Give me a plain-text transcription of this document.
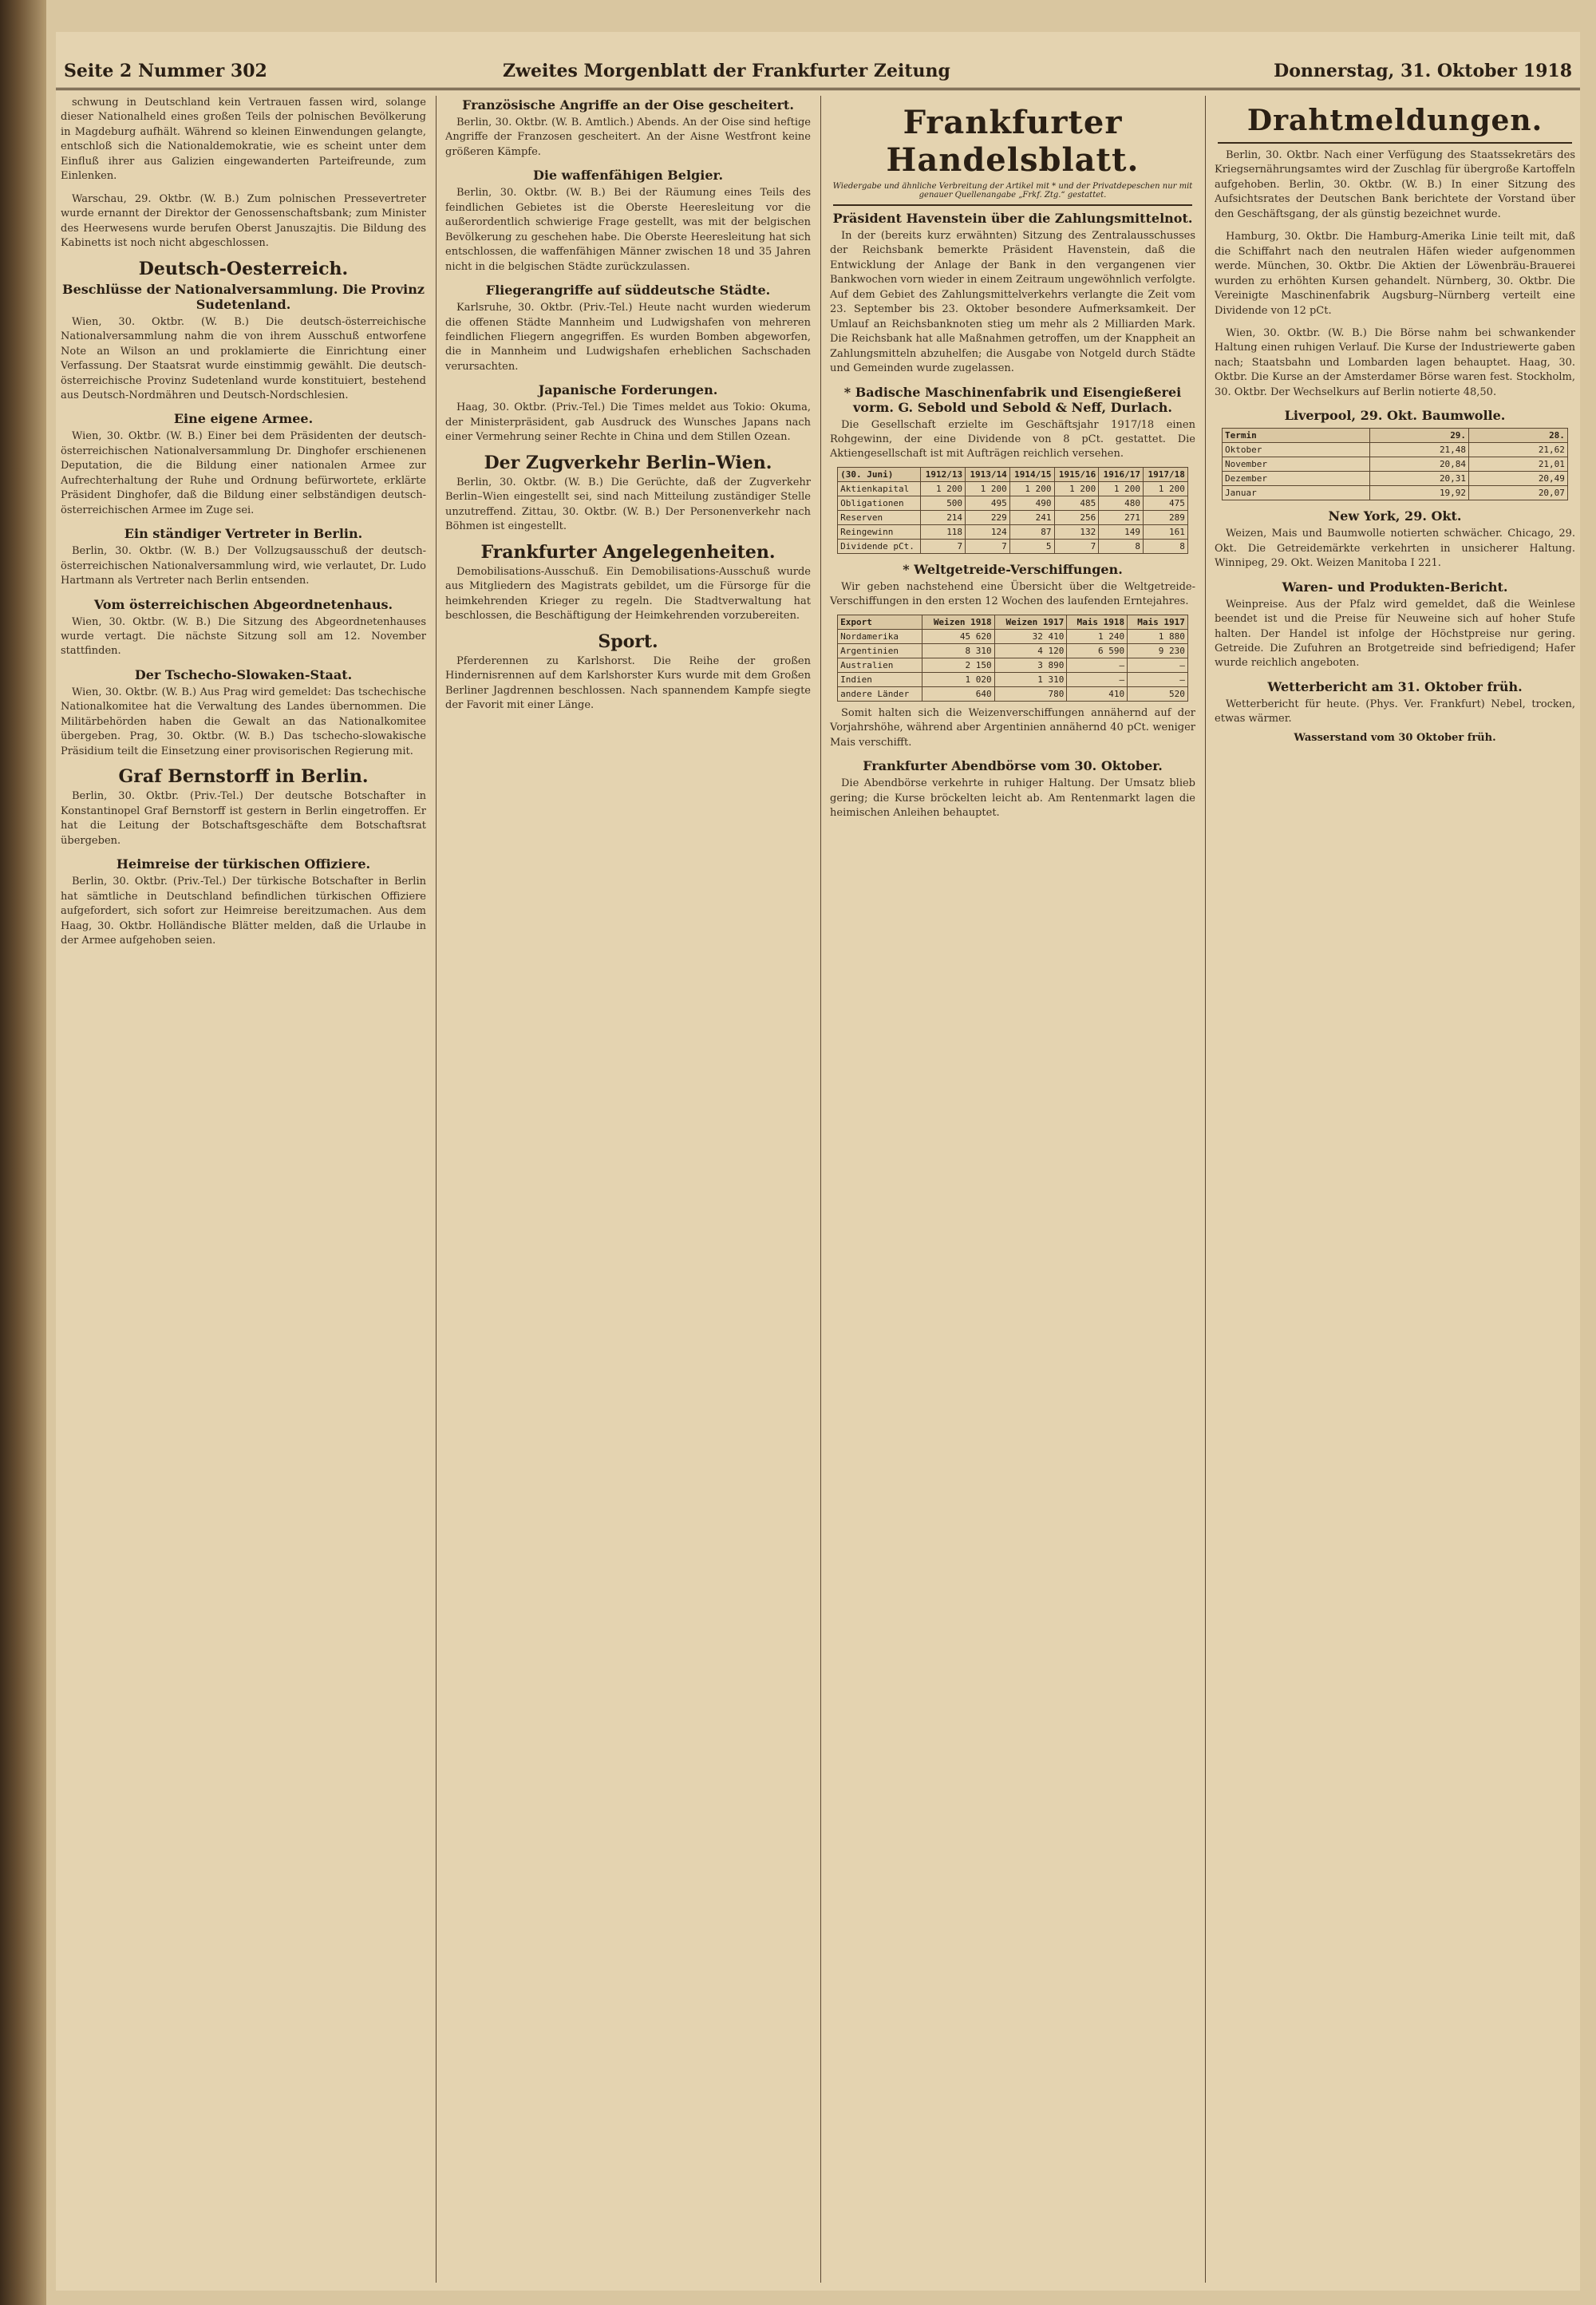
Seite 2 Nummer 302	Zweites Morgenblatt der Frankfurter Zeitung	Donnerstag, 31. Oktober 1918

schwung in Deutschland kein Vertrauen fassen wird, solange dieser Nationalheld eines großen Teils der polnischen Bevölkerung in Magdeburg aufhält. Während so kleinen Einwendungen gelangte, entschloß sich die Nationaldemokratie, wie es scheint unter dem Einfluß ihrer aus Galizien eingewanderten Parteifreunde, zum Einlenken.

Warschau, 29. Oktbr. (W. B.) Zum polnischen Pressevertreter wurde ernannt der Direktor der Genossenschaftsbank; zum Minister des Heerwesens wurde berufen Oberst Januszajtis. Die Bildung des Kabinetts ist noch nicht abgeschlossen.

Deutsch-Oesterreich.
Beschlüsse der Nationalversammlung. Die Provinz Sudetenland.

Wien, 30. Oktbr. (W. B.) Die deutsch-österreichische Nationalversammlung nahm die von ihrem Ausschuß entworfene Note an Wilson an und proklamierte die Einrichtung einer Verfassung. Der Staatsrat wurde einstimmig gewählt. Die deutsch-österreichische Provinz Sudetenland wurde konstituiert, bestehend aus Deutsch-Nordmähren und Deutsch-Nordschlesien.

Eine eigene Armee.

Wien, 30. Oktbr. (W. B.) Einer bei dem Präsidenten der deutsch-österreichischen Nationalversammlung Dr. Dinghofer erschienenen Deputation, die die Bildung einer nationalen Armee zur Aufrechterhaltung der Ruhe und Ordnung befürwortete, erklärte Präsident Dinghofer, daß die Bildung einer selbständigen deutsch-österreichischen Armee im Zuge sei.

Ein ständiger Vertreter in Berlin.

Berlin, 30. Oktbr. (W. B.) Der Vollzugsausschuß der deutsch-österreichischen Nationalversammlung wird, wie verlautet, Dr. Ludo Hartmann als Vertreter nach Berlin entsenden.

Vom österreichischen Abgeordnetenhaus.

Wien, 30. Oktbr. (W. B.) Die Sitzung des Abgeordnetenhauses wurde vertagt. Die nächste Sitzung soll am 12. November stattfinden.

Der Tschecho-Slowaken-Staat.

Wien, 30. Oktbr. (W. B.) Aus Prag wird gemeldet: Das tschechische Nationalkomitee hat die Verwaltung des Landes übernommen. Die Militärbehörden haben die Gewalt an das Nationalkomitee übergeben. Prag, 30. Oktbr. (W. B.) Das tschecho-slowakische Präsidium teilt die Einsetzung einer provisorischen Regierung mit.

Graf Bernstorff in Berlin.

Berlin, 30. Oktbr. (Priv.-Tel.) Der deutsche Botschafter in Konstantinopel Graf Bernstorff ist gestern in Berlin eingetroffen. Er hat die Leitung der Botschaftsgeschäfte dem Botschaftsrat übergeben.

Heimreise der türkischen Offiziere.

Berlin, 30. Oktbr. (Priv.-Tel.) Der türkische Botschafter in Berlin hat sämtliche in Deutschland befindlichen türkischen Offiziere aufgefordert, sich sofort zur Heimreise bereitzumachen. Aus dem Haag, 30. Oktbr. Holländische Blätter melden, daß die Urlaube in der Armee aufgehoben seien.

Französische Angriffe an der Oise gescheitert.

Berlin, 30. Oktbr. (W. B. Amtlich.) Abends. An der Oise sind heftige Angriffe der Franzosen gescheitert. An der Aisne Westfront keine größeren Kämpfe.

Die waffenfähigen Belgier.

Berlin, 30. Oktbr. (W. B.) Bei der Räumung eines Teils des feindlichen Gebietes ist die Oberste Heeresleitung vor die außerordentlich schwierige Frage gestellt, was mit der belgischen Bevölkerung zu geschehen habe. Die Oberste Heeresleitung hat sich entschlossen, die waffenfähigen Männer zwischen 18 und 35 Jahren nicht in die belgischen Städte zurückzulassen.

Fliegerangriffe auf süddeutsche Städte.

Karlsruhe, 30. Oktbr. (Priv.-Tel.) Heute nacht wurden wiederum die offenen Städte Mannheim und Ludwigshafen von mehreren feindlichen Fliegern angegriffen. Es wurden Bomben abgeworfen, die in Mannheim und Ludwigshafen erheblichen Sachschaden verursachten.

Japanische Forderungen.

Haag, 30. Oktbr. (Priv.-Tel.) Die Times meldet aus Tokio: Okuma, der Ministerpräsident, gab Ausdruck des Wunsches Japans nach einer Vermehrung seiner Rechte in China und dem Stillen Ozean.

Der Zugverkehr Berlin–Wien.

Berlin, 30. Oktbr. (W. B.) Die Gerüchte, daß der Zugverkehr Berlin–Wien eingestellt sei, sind nach Mitteilung zuständiger Stelle unzutreffend. Zittau, 30. Oktbr. (W. B.) Der Personenverkehr nach Böhmen ist eingestellt.

Frankfurter Angelegenheiten.

Demobilisations-Ausschuß. Ein Demobilisations-Ausschuß wurde aus Mitgliedern des Magistrats gebildet, um die Fürsorge für die heimkehrenden Krieger zu regeln. Die Stadtverwaltung hat beschlossen, die Beschäftigung der Heimkehrenden vorzubereiten.

Sport.

Pferderennen zu Karlshorst. Die Reihe der großen Hindernisrennen auf dem Karlshorster Kurs wurde mit dem Großen Berliner Jagdrennen beschlossen. Nach spannendem Kampfe siegte der Favorit mit einer Länge.

Frankfurter Handelsblatt.
Wiedergabe und ähnliche Verbreitung der Artikel mit * und der Privatdepeschen nur mit genauer Quellenangabe „Frkf. Ztg.“ gestattet.
Präsident Havenstein über die Zahlungsmittelnot.

In der (bereits kurz erwähnten) Sitzung des Zentralausschusses der Reichsbank bemerkte Präsident Havenstein, daß die Entwicklung der Anlage der Bank in den vergangenen vier Bankwochen vorn wieder in einem Zeitraum ungewöhnlich verfolgte. Auf dem Gebiet des Zahlungsmittelverkehrs verlangte die Zeit vom 23. September bis 23. Oktober besondere Aufmerksamkeit. Der Umlauf an Reichsbanknoten stieg um mehr als 2 Milliarden Mark. Die Reichsbank hat alle Maßnahmen getroffen, um der Knappheit an Zahlungsmitteln abzuhelfen; die Ausgabe von Notgeld durch Städte und Gemeinden wurde zugelassen.

* Badische Maschinenfabrik und Eisengießerei vorm. G. Sebold und Sebold & Neff, Durlach.

Die Gesellschaft erzielte im Geschäftsjahr 1917/18 einen Rohgewinn, der eine Dividende von 8 pCt. gestattet. Die Aktiengesellschaft ist mit Aufträgen reichlich versehen.

(30. Juni)	1912/13	1913/14	1914/15	1915/16	1916/17	1917/18
Aktienkapital	1 200	1 200	1 200	1 200	1 200	1 200
Obligationen	500	495	490	485	480	475
Reserven	214	229	241	256	271	289
Reingewinn	118	124	87	132	149	161
Dividende pCt.	7	7	5	7	8	8
* Weltgetreide-Verschiffungen.

Wir geben nachstehend eine Übersicht über die Weltgetreide-Verschiffungen in den ersten 12 Wochen des laufenden Erntejahres.

Export	Weizen 1918	Weizen 1917	Mais 1918	Mais 1917
Nordamerika	45 620	32 410	1 240	1 880
Argentinien	8 310	4 120	6 590	9 230
Australien	2 150	3 890	–	–
Indien	1 020	1 310	–	–
andere Länder	640	780	410	520

Somit halten sich die Weizenverschiffungen annähernd auf der Vorjahrshöhe, während aber Argentinien annähernd 40 pCt. weniger Mais verschifft.

Frankfurter Abendbörse vom 30. Oktober.

Die Abendbörse verkehrte in ruhiger Haltung. Der Umsatz blieb gering; die Kurse bröckelten leicht ab. Am Rentenmarkt lagen die heimischen Anleihen behauptet.

Drahtmeldungen.

Berlin, 30. Oktbr. Nach einer Verfügung des Staatssekretärs des Kriegsernährungsamtes wird der Zuschlag für übergroße Kartoffeln aufgehoben. Berlin, 30. Oktbr. (W. B.) In einer Sitzung des Aufsichtsrates der Deutschen Bank berichtete der Vorstand über den Geschäftsgang, der als günstig bezeichnet wurde.

Hamburg, 30. Oktbr. Die Hamburg-Amerika Linie teilt mit, daß die Schiffahrt nach den neutralen Häfen wieder aufgenommen werde. München, 30. Oktbr. Die Aktien der Löwenbräu-Brauerei wurden zu erhöhten Kursen gehandelt. Nürnberg, 30. Oktbr. Die Vereinigte Maschinenfabrik Augsburg–Nürnberg verteilt eine Dividende von 12 pCt.

Wien, 30. Oktbr. (W. B.) Die Börse nahm bei schwankender Haltung einen ruhigen Verlauf. Die Kurse der Industriewerte gaben nach; Staatsbahn und Lombarden lagen behauptet. Haag, 30. Oktbr. Die Kurse an der Amsterdamer Börse waren fest. Stockholm, 30. Oktbr. Der Wechselkurs auf Berlin notierte 48,50.

Liverpool, 29. Okt. Baumwolle.
Termin	29.	28.
Oktober	21,48	21,62
November	20,84	21,01
Dezember	20,31	20,49
Januar	19,92	20,07
New York, 29. Okt.

Weizen, Mais und Baumwolle notierten schwächer. Chicago, 29. Okt. Die Getreidemärkte verkehrten in unsicherer Haltung. Winnipeg, 29. Okt. Weizen Manitoba I 221.

Waren- und Produkten-Bericht.

Weinpreise. Aus der Pfalz wird gemeldet, daß die Weinlese beendet ist und die Preise für Neuweine sich auf hoher Stufe halten. Der Handel ist infolge der Höchstpreise nur gering. Getreide. Die Zufuhren an Brotgetreide sind befriedigend; Hafer wurde reichlich angeboten.

Wetterbericht am 31. Oktober früh.

Wetterbericht für heute. (Phys. Ver. Frankfurt) Nebel, trocken, etwas wärmer.

Wasserstand vom 30 Oktober früh.
